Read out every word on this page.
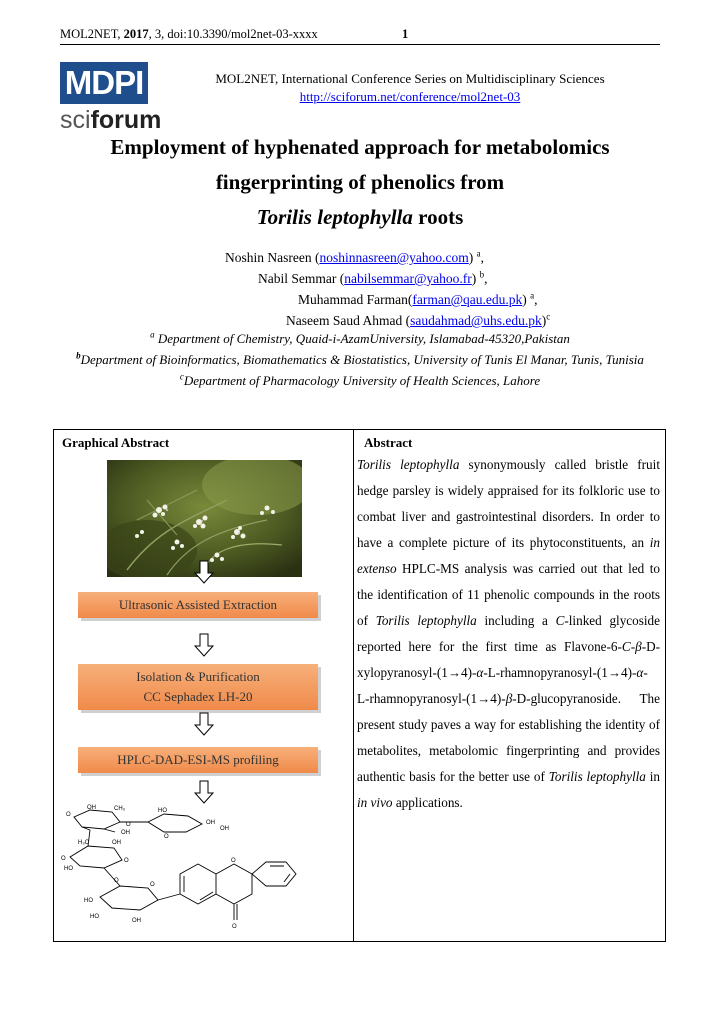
MOL2NET, 2017, 3, doi:10.3390/mol2net-03-xxxx	1
MDPI
sciforum
MOL2NET, International Conference Series on Multidisciplinary Sciences
http://sciforum.net/conference/mol2net-03
Employment of hyphenated approach for metabolomics
fingerprinting of phenolics from
Torilis leptophylla roots
Noshin Nasreen (noshinnasreen@yahoo.com) $^a$,
Nabil Semmar (nabilsemmar@yahoo.fr) $^b$,
Muhammad Farman(farman@qau.edu.pk) $^a$,
Naseem Saud Ahmad (saudahmad@uhs.edu.pk)$^c$
$^a$ Department of Chemistry, Quaid-i-AzamUniversity, Islamabad-45320,Pakistan
$^b$Department of Bioinformatics, Biomathematics & Biostatistics, University of Tunis El Manar, Tunis, Tunisia
$^c$Department of Pharmacology University of Health Sciences, Lahore
Graphical Abstract	Abstract
Ultrasonic Assisted Extraction
Isolation & Purification
CC Sephadex LH-20
HPLC-DAD-ESI-MS profiling
OH	CH₃
O
O
OH
HO
OH
OH
O
H₃C	OH
O
HO
O
O
HO
HO
OH
O
O
O
Torilis leptophylla synonymously called bristle fruit hedge parsley is widely appraised for its folkloric use to combat liver and gastrointestinal disorders. In order to have a complete picture of its phytoconstituents, an in extenso HPLC-MS analysis was carried out that led to the identification of 11 phenolic compounds in the roots of Torilis leptophylla including a C-linked glycoside reported here for the first time as Flavone-6-C-β-D-xylopyranosyl-(1→4)-α-L-rhamnopyranosyl-(1→4)-α-L-rhamnopyranosyl-(1→4)-β-D-glucopyranoside. The present study paves a way for establishing the identity of metabolites, metabolomic fingerprinting and provides authentic basis for the better use of Torilis leptophylla in in vivo applications.
